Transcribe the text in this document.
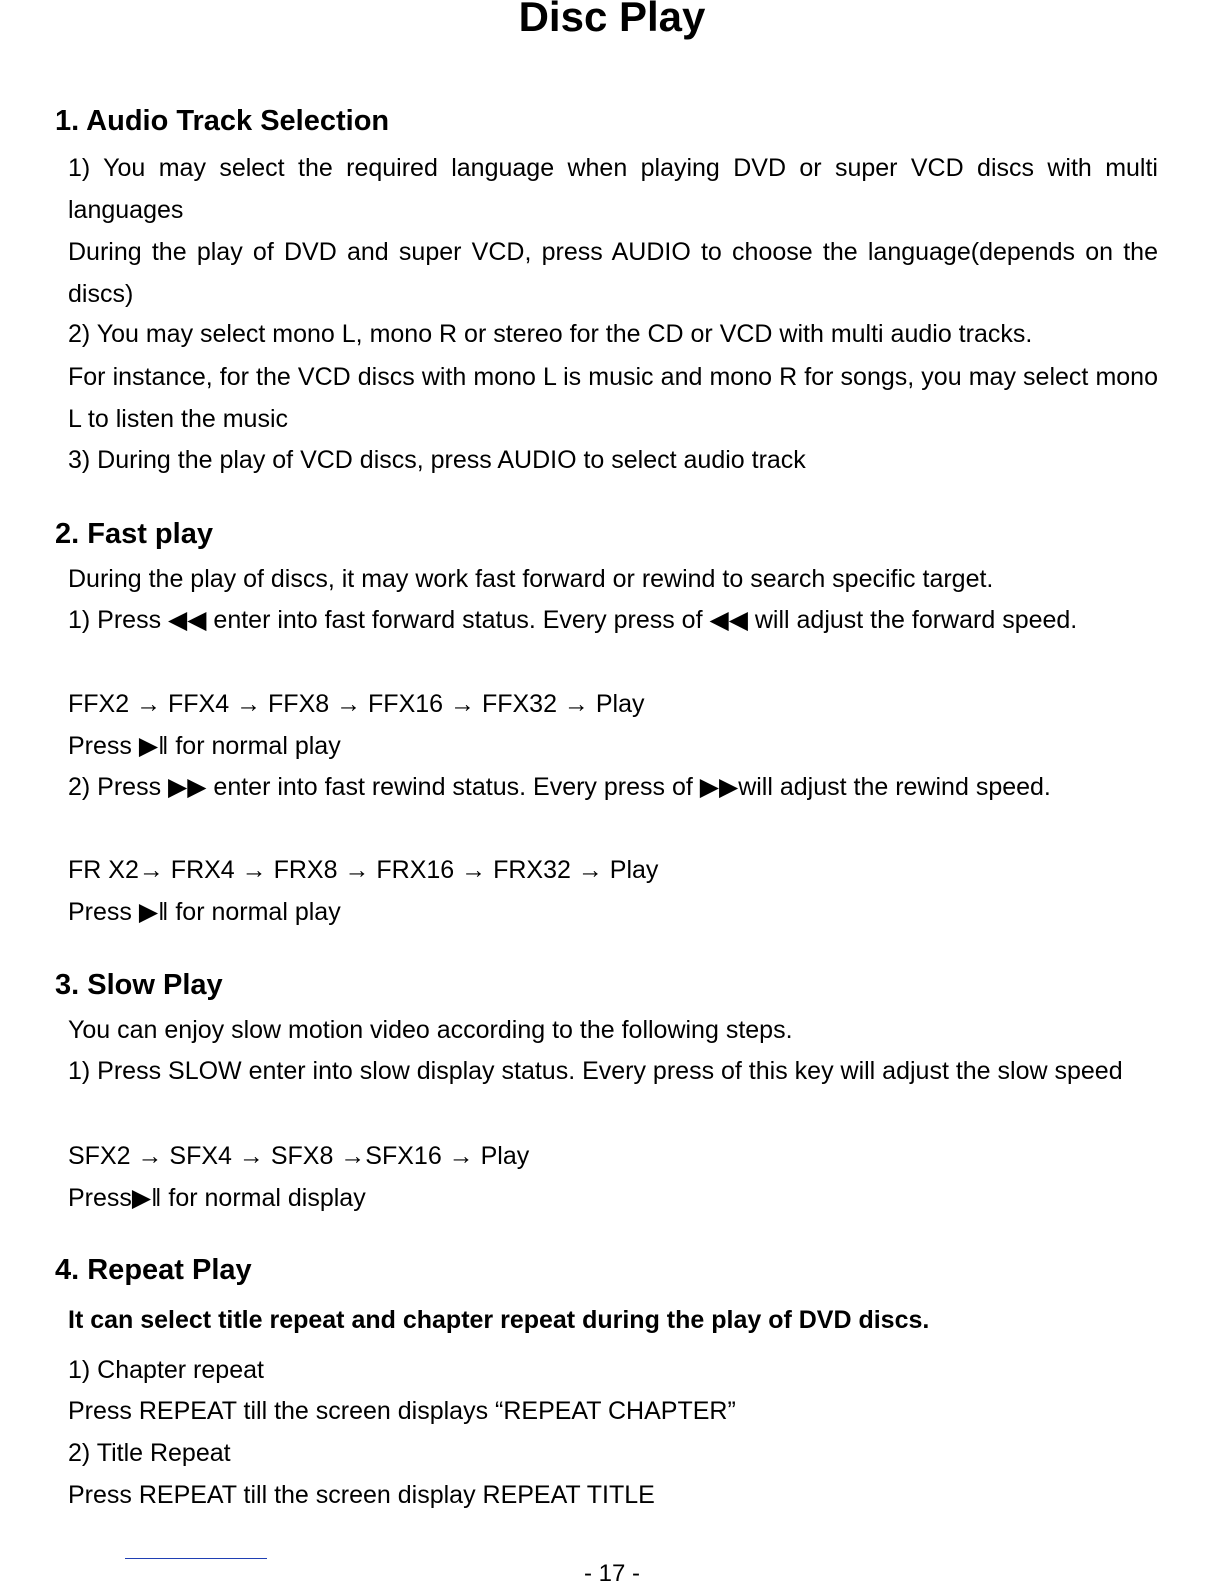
Disc Play
1. Audio Track Selection
1) You may select the required language when playing DVD or super VCD discs with multi languages
During the play of DVD and super VCD, press AUDIO to choose the language(depends on the discs)
2) You may select mono L, mono R or stereo for the CD or VCD with multi audio tracks.
For instance, for the VCD discs with mono L is music and mono R for songs, you may select mono L to listen the music
3) During the play of VCD discs, press AUDIO to select audio track
2. Fast play
During the play of discs, it may work fast forward or rewind to search specific target.
1) Press ◀◀ enter into fast forward status. Every press of ◀◀ will adjust the forward speed.
FFX2 → FFX4 → FFX8 → FFX16 → FFX32 → Play
Press ▶‖ for normal play
2) Press ▶▶ enter into fast rewind status. Every press of ▶▶will adjust the rewind speed.
FR X2→ FRX4 → FRX8 → FRX16 → FRX32 → Play
Press ▶‖ for normal play
3. Slow Play
You can enjoy slow motion video according to the following steps.
1) Press SLOW enter into slow display status. Every press of this key will adjust the slow speed
SFX2 → SFX4 → SFX8 →SFX16 → Play
Press▶‖ for normal display
4. Repeat Play
It can select title repeat and chapter repeat during the play of DVD discs.
1) Chapter repeat
Press REPEAT till the screen displays “REPEAT CHAPTER”
2) Title Repeat
Press REPEAT till the screen display REPEAT TITLE
- 17 -
